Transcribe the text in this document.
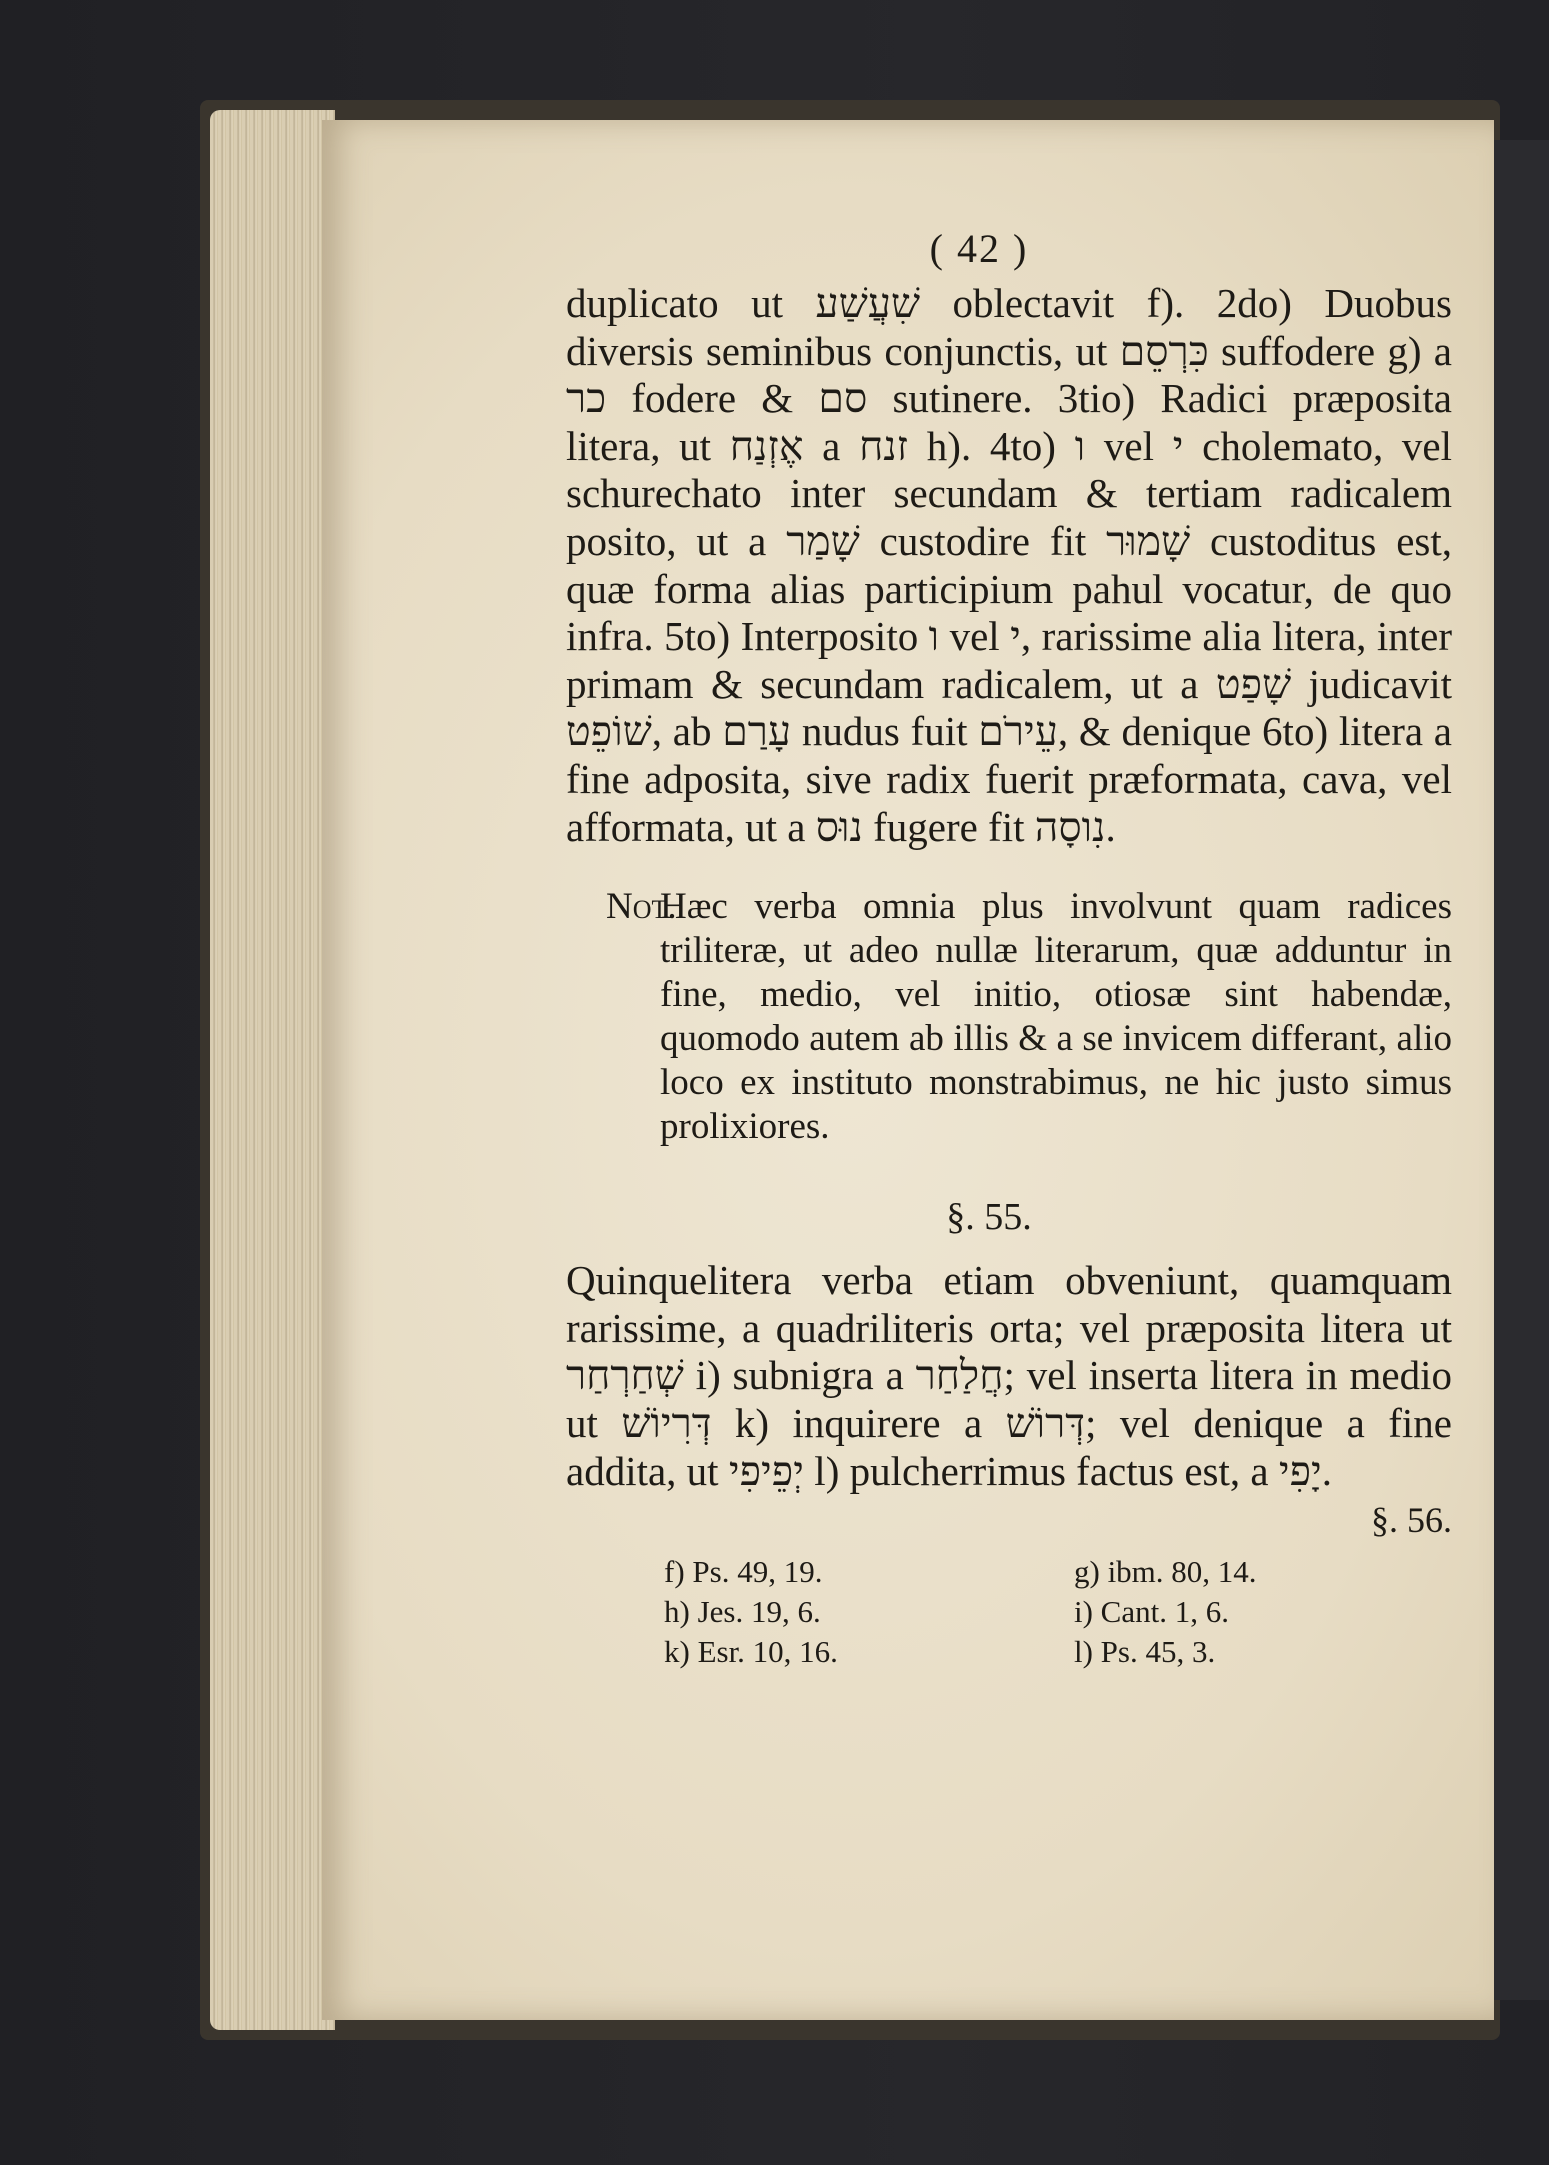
( 42 )

duplicato ut שִׁעֲשַׁע oblectavit f). 2do) Duobus diversis seminibus conjunctis, ut כִּרְסֵם suffodere g) a כר fodere & סם sutinere. 3tio) Radici præposita litera, ut אֶזְנַח a זנח h). 4to) ו vel י cholemato, vel schurechato inter secundam & tertiam radicalem posito, ut a שָׁמַר custodire fit שָׁמוּר custoditus est, quæ forma alias participium pahul vocatur, de quo infra. 5to) Interposito ו vel י, rarissime alia litera, inter primam & secundam radicalem, ut a שָׁפַט judicavit שׁוֹפֵט, ab עָרַם nudus fuit עֵירֹם, & denique 6to) litera a fine adposita, sive radix fuerit præformata, cava, vel afformata, ut a נוּס fugere fit נִוסָה.

Not.
Hæc verba omnia plus involvunt quam radices triliteræ, ut adeo nullæ literarum, quæ adduntur in fine, medio, vel initio, otiosæ sint habendæ, quomodo autem ab illis & a se invicem differant, alio loco ex instituto monstrabimus, ne hic justo simus prolixiores.
§. 55.

Quinquelitera verba etiam obveniunt, quamquam rarissime, a quadriliteris orta; vel præposita litera ut שְׁחַרְחַר i) subnigra a חֲלַחַר; vel inserta litera in medio ut דְּרִיוֹשׁ k) inquirere a דְּרוֹשׁ; vel denique a fine addita, ut יְפֵיפִי l) pulcherrimus factus est, a יָפִי.

§. 56.
f) Ps. 49, 19.	g) ibm. 80, 14.
h) Jes. 19, 6.	i) Cant. 1, 6.
k) Esr. 10, 16.	l) Ps. 45, 3.
